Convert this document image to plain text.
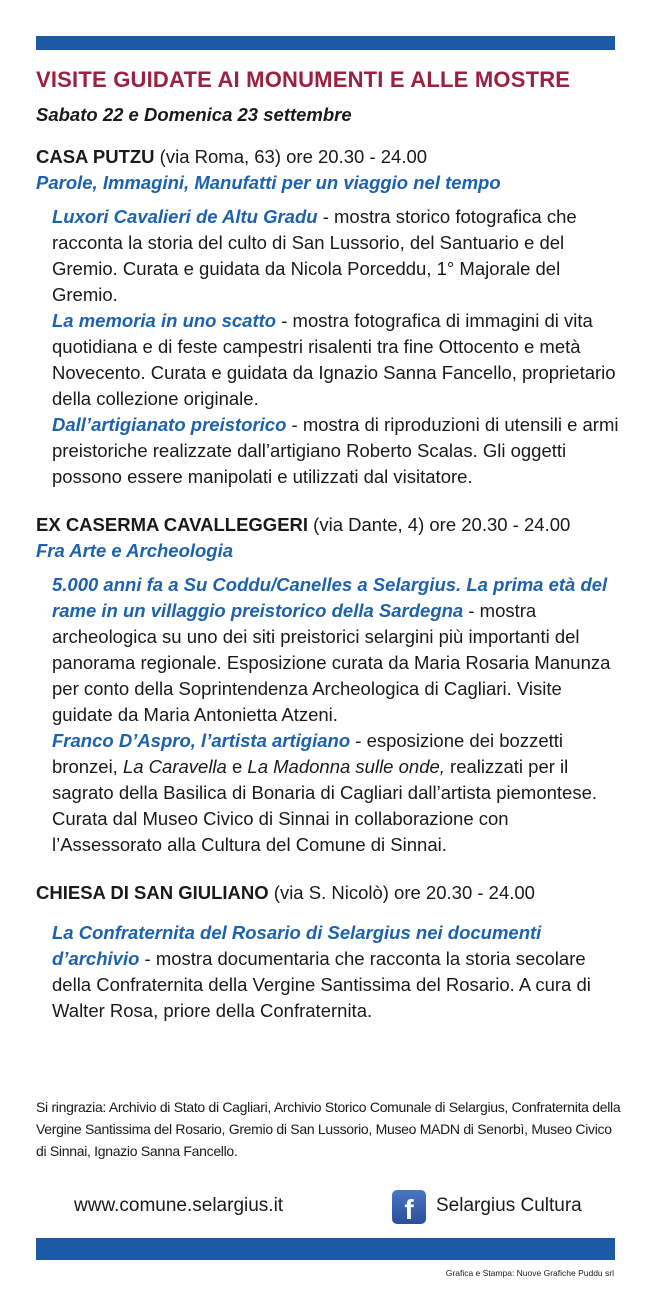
VISITE GUIDATE AI MONUMENTI E ALLE MOSTRE

Sabato 22 e Domenica 23 settembre

CASA PUTZU (via Roma, 63) ore 20.30 - 24.00

Parole, Immagini, Manufatti per un viaggio nel tempo

Luxori Cavalieri de Altu Gradu - mostra storico fotografica che racconta la storia del culto di San Lussorio, del Santuario e del Gremio. Curata e guidata da Nicola Porceddu, 1° Majorale del Gremio.

La memoria in uno scatto - mostra fotografica di immagini di vita quotidiana e di feste campestri risalenti tra fine Ottocento e metà Novecento. Curata e guidata da Ignazio Sanna Fancello, proprietario della collezione originale.

Dall’artigianato preistorico - mostra di riproduzioni di utensili e armi preistoriche realizzate dall’artigiano Roberto Scalas. Gli oggetti possono essere manipolati e utilizzati dal visitatore.

EX CASERMA CAVALLEGGERI (via Dante, 4) ore 20.30 - 24.00

Fra Arte e Archeologia

5.000 anni fa a Su Coddu/Canelles a Selargius. La prima età del rame in un villaggio preistorico della Sardegna - mostra archeologica su uno dei siti preistorici selargini più importanti del panorama regionale. Esposizione curata da Maria Rosaria Manunza per conto della Soprintendenza Archeologica di Cagliari. Visite guidate da Maria Antonietta Atzeni.

Franco D’Aspro, l’artista artigiano - esposizione dei bozzetti bronzei, La Caravella e La Madonna sulle onde, realizzati per il sagrato della Basilica di Bonaria di Cagliari dall’artista piemontese. Curata dal Museo Civico di Sinnai in collaborazione con l’Assessorato alla Cultura del Comune di Sinnai.

CHIESA DI SAN GIULIANO (via S. Nicolò) ore 20.30 - 24.00

La Confraternita del Rosario di Selargius nei documenti d’archivio - mostra documentaria che racconta la storia secolare della Confraternita della Vergine Santissima del Rosario. A cura di Walter Rosa, priore della Confraternita.

Si ringrazia: Archivio di Stato di Cagliari, Archivio Storico Comunale di Selargius, Confraternita della Vergine Santissima del Rosario, Gremio di San Lussorio, Museo MADN di Senorbì, Museo Civico di Sinnai, Ignazio Sanna Fancello.

www.comune.selargius.it	f	Selargius Cultura
Grafica e Stampa: Nuove Grafiche Puddu srl
